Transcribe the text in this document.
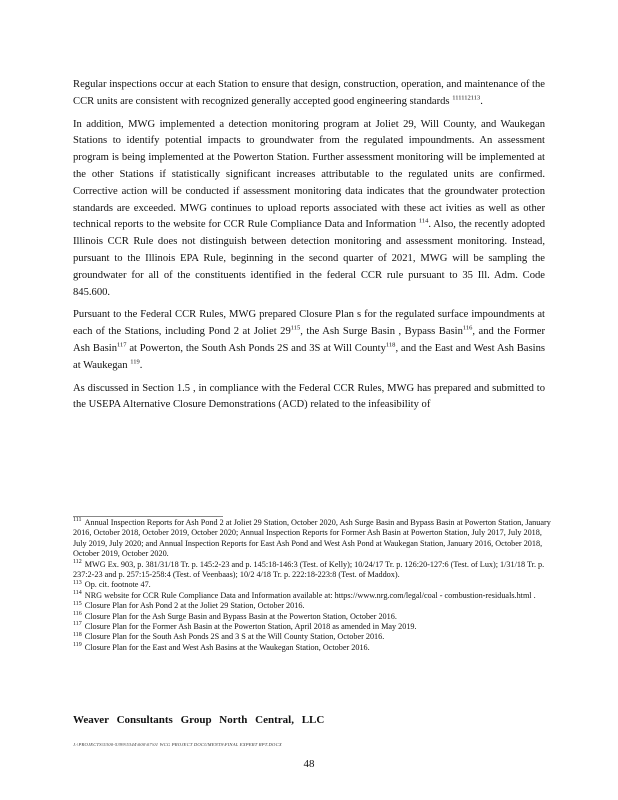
Regular inspections occur at each Station to ensure that design, construction, operation, and maintenance of the CCR units are consistent with recognized generally accepted good engineering standards $^{111112113}$.

In addition, MWG implemented a detection monitoring program at Joliet 29, Will County, and Waukegan Stations to identify potential impacts to groundwater from the regulated impoundments. An assessment program is being implemented at the Powerton Station. Further assessment monitoring will be implemented at the other Stations if statistically significant increases attributable to the regulated units are confirmed. Corrective action will be conducted if assessment monitoring data indicates that the groundwater protection standards are exceeded. MWG continues to upload reports associated with these act ivities as well as other technical reports to the website for CCR Rule Compliance Data and Information $^{114}$. Also, the recently adopted Illinois CCR Rule does not distinguish between detection monitoring and assessment monitoring. Instead, pursuant to the Illinois EPA Rule, beginning in the second quarter of 2021, MWG will be sampling the groundwater for all of the constituents identified in the federal CCR rule pursuant to 35 Ill. Adm. Code 845.600.

Pursuant to the Federal CCR Rules, MWG prepared Closure Plan s for the regulated surface impoundments at each of the Stations, including Pond 2 at Joliet $29^{115}$, the Ash Surge Basin , Bypass Basin$^{116}$, and the Former Ash Basin$^{117}$ at Powerton, the South Ash Ponds 2S and 3S at Will County$^{118}$, and the East and West Ash Basins at Waukegan $^{119}$.

As discussed in Section 1.5 , in compliance with the Federal CCR Rules, MWG has prepared and submitted to the USEPA Alternative Closure Demonstrations (ACD) related to the infeasibility of

$^{111}$ Annual Inspection Reports for Ash Pond 2 at Joliet 29 Station, October 2020, Ash Surge Basin and Bypass Basin at Powerton Station, January 2016, October 2018, October 2019, October 2020; Annual Inspection Reports for Former Ash Basin at Powerton Station, July 2017, July 2018, July 2019, July 2020; and Annual Inspection Reports for East Ash Pond and West Ash Pond at Waukegan Station, January 2016, October 2018, October 2019, October 2020.

$^{112}$ MWG Ex. 903, p. 381/31/18 Tr. p. 145:2-23 and p. 145:18-146:3 (Test. of Kelly); 10/24/17 Tr. p. 126:20-127:6 (Test. of Lux); 1/31/18 Tr. p. 237:2-23 and p. 257:15-258:4 (Test. of Veenbaas); 10/2 4/18 Tr. p. 222:18-223:8 (Test. of Maddox).

$^{113}$ Op. cit. footnote 47.

$^{114}$ NRG website for CCR Rule Compliance Data and Information available at: https://www.nrg.com/legal/coal - combustion-residuals.html .

$^{115}$ Closure Plan for Ash Pond 2 at the Joliet 29 Station, October 2016.

$^{116}$ Closure Plan for the Ash Surge Basin and Bypass Basin at the Powerton Station, October 2016.

$^{117}$ Closure Plan for the Former Ash Basin at the Powerton Station, April 2018 as amended in May 2019.

$^{118}$ Closure Plan for the South Ash Ponds 2S and 3 S at the Will County Station, October 2016.

$^{119}$ Closure Plan for the East and West Ash Basins at the Waukegan Station, October 2016.

Weaver Consultants Group North Central, LLC
J:\PROJECTS\5300-5399\5344\000\07\01 WCG PROJECT DOCUMENTS\FINAL EXPERT RPT.DOCX
48
